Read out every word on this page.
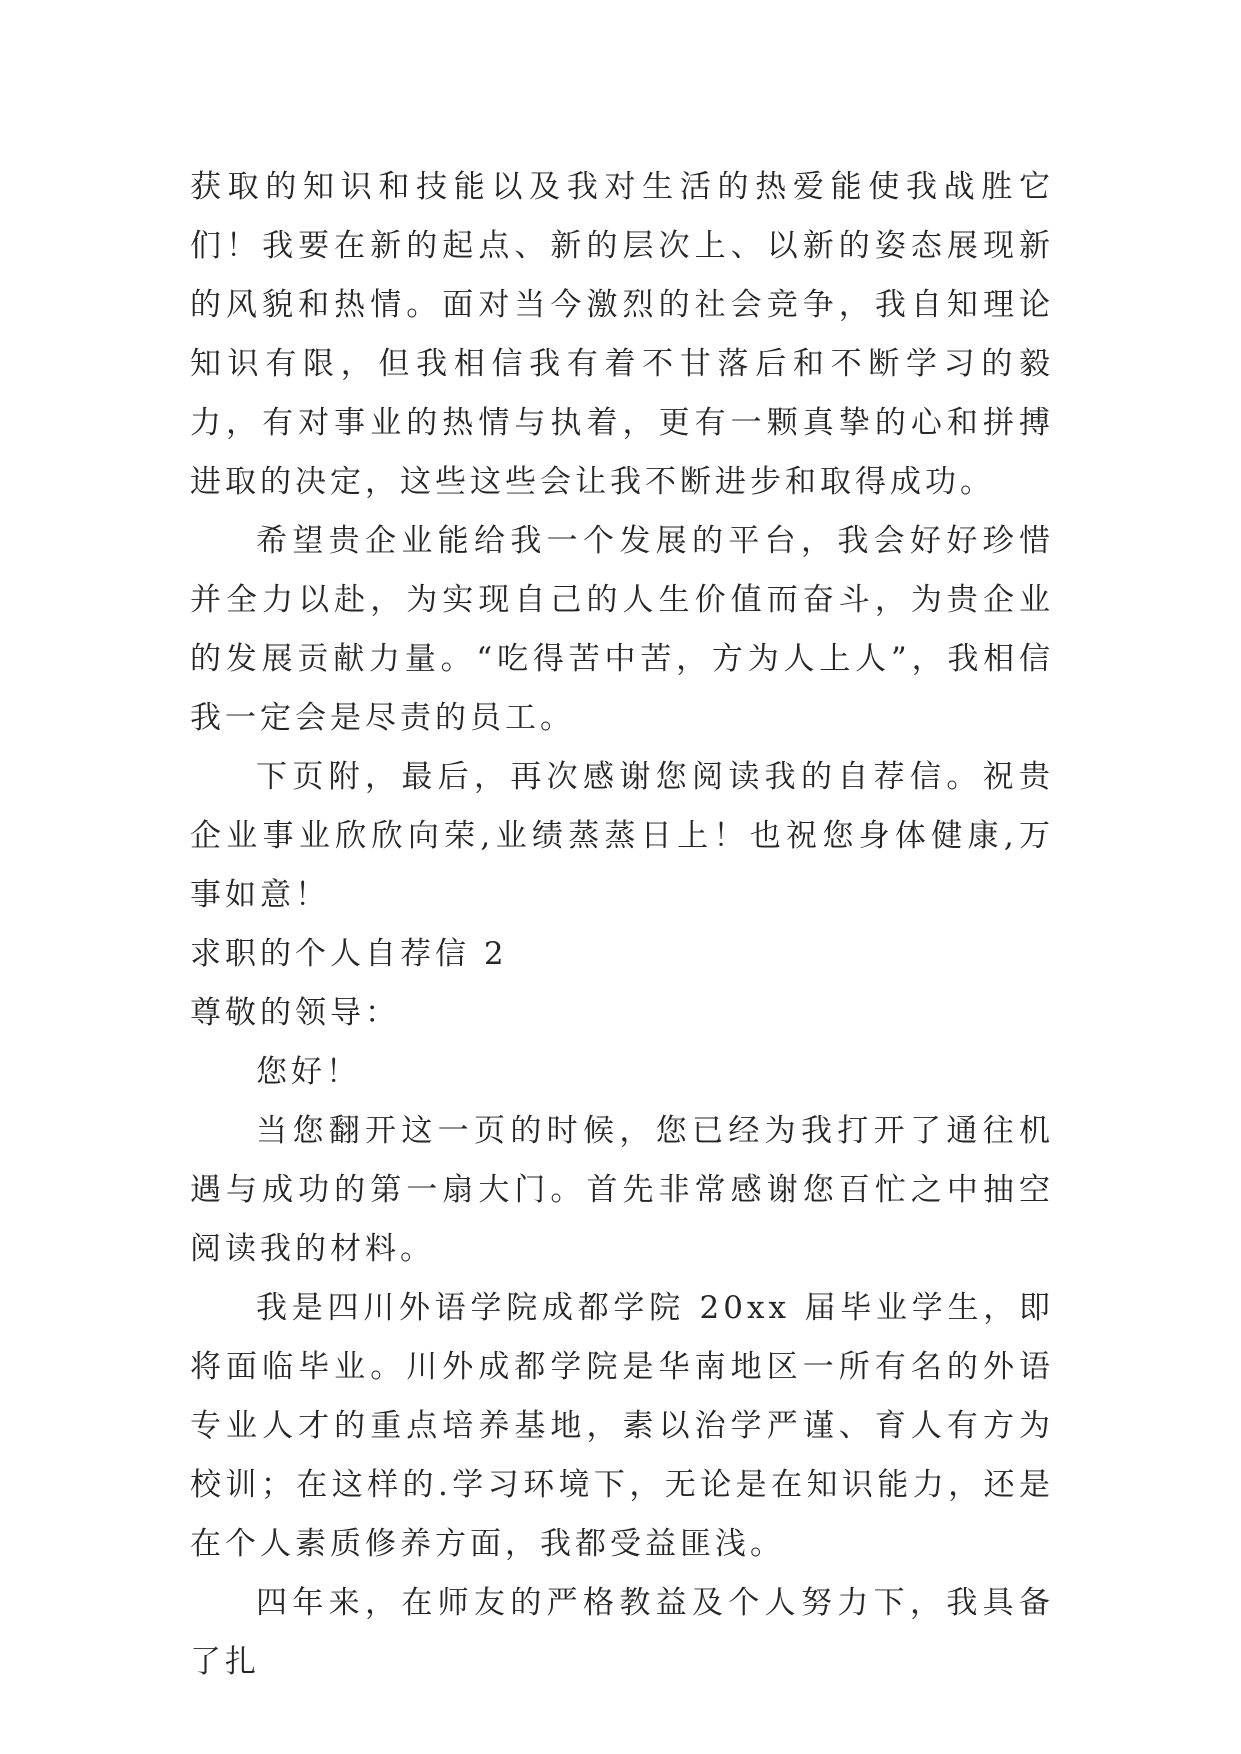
获取的知识和技能以及我对生活的热爱能使我战胜它们！我要在新的起点、新的层次上、以新的姿态展现新的风貌和热情。面对当今激烈的社会竞争，我自知理论知识有限，但我相信我有着不甘落后和不断学习的毅力，有对事业的热情与执着，更有一颗真挚的心和拼搏进取的决定，这些这些会让我不断进步和取得成功。

希望贵企业能给我一个发展的平台，我会好好珍惜并全力以赴，为实现自己的人生价值而奋斗，为贵企业的发展贡献力量。“吃得苦中苦，方为人上人”，我相信我一定会是尽责的员工。

下页附，最后，再次感谢您阅读我的自荐信。祝贵企业事业欣欣向荣,业绩蒸蒸日上！也祝您身体健康,万事如意！

求职的个人自荐信 2

尊敬的领导：

您好！

当您翻开这一页的时候，您已经为我打开了通往机遇与成功的第一扇大门。首先非常感谢您百忙之中抽空阅读我的材料。

我是四川外语学院成都学院 20xx 届毕业学生，即将面临毕业。川外成都学院是华南地区一所有名的外语专业人才的重点培养基地，素以治学严谨、育人有方为校训；在这样的.学习环境下，无论是在知识能力，还是在个人素质修养方面，我都受益匪浅。

四年来，在师友的严格教益及个人努力下，我具备了扎
